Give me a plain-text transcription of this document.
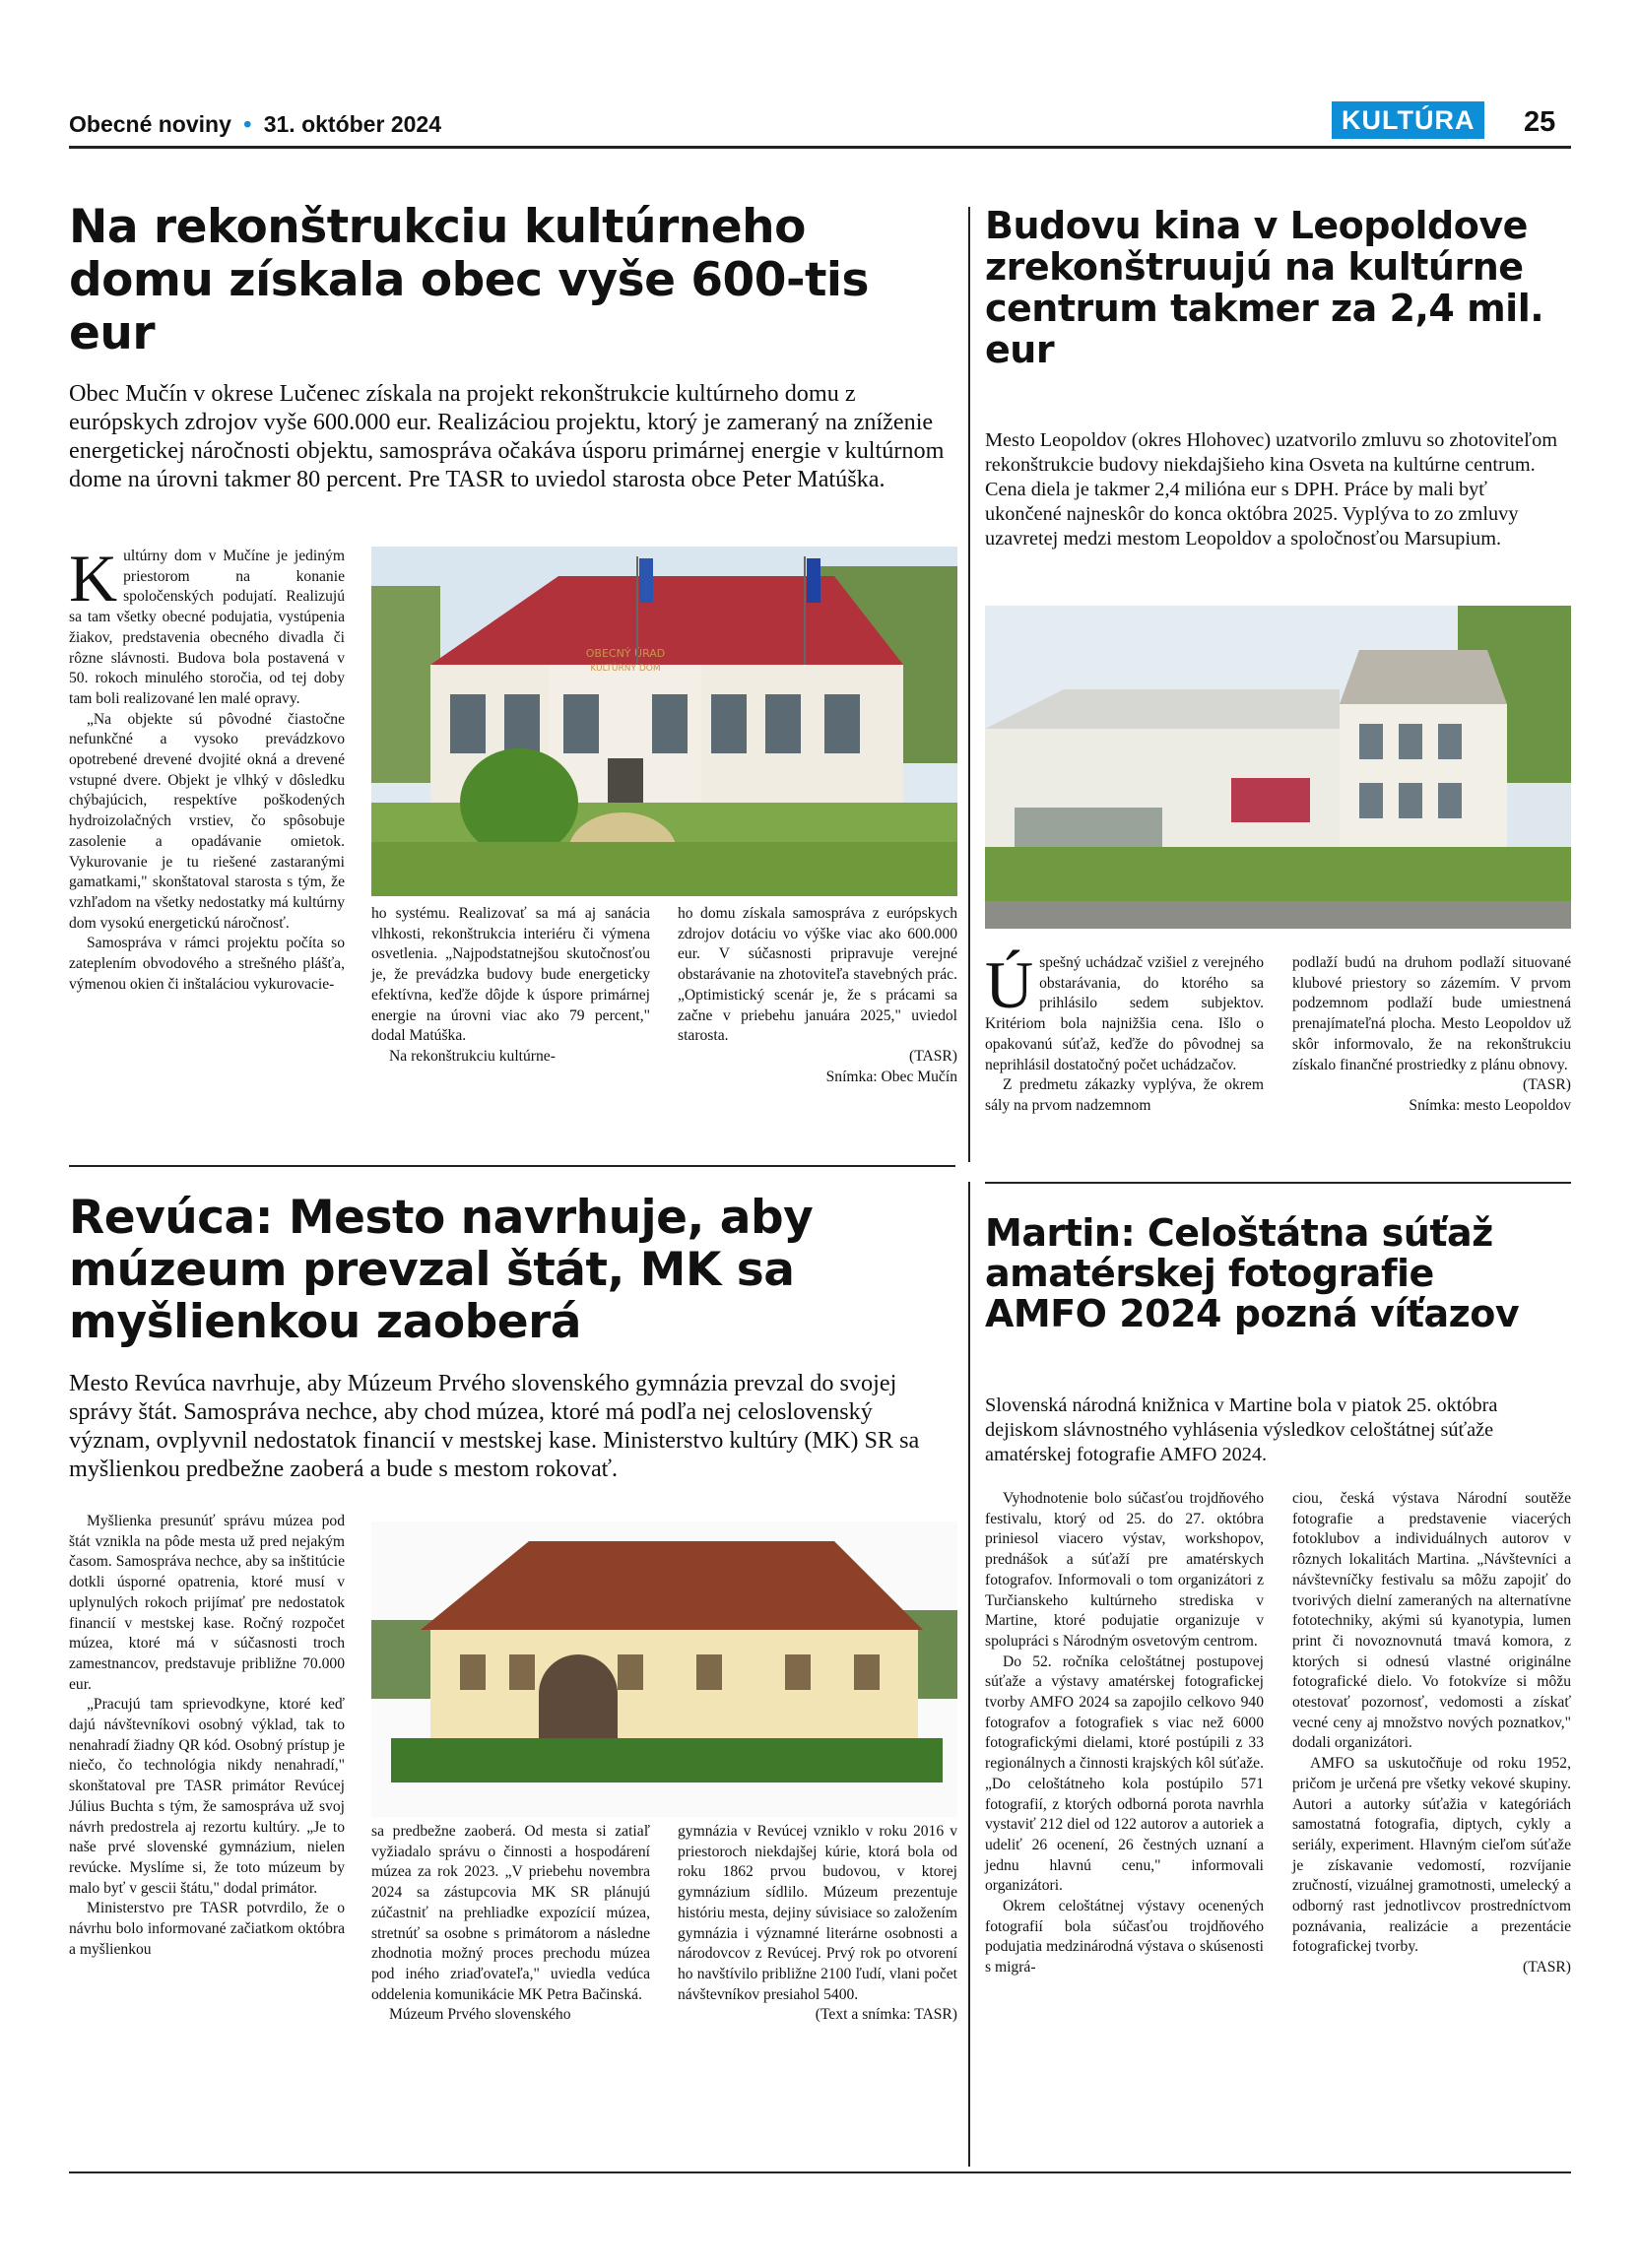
Obecné noviny • 31. október 2024	KULTÚRA	25
Na rekonštrukciu kultúrneho domu získala obec vyše 600-tis eur

Obec Mučín v okrese Lučenec získala na projekt rekonštrukcie kultúrneho domu z európskych zdrojov vyše 600.000 eur. Realizáciou projektu, ktorý je zameraný na zníženie energetickej náročnosti objektu, samospráva očakáva úsporu primárnej energie v kultúrnom dome na úrovni takmer 80 percent. Pre TASR to uviedol starosta obce Peter Matúška.

Kultúrny dom v Mučíne je jediným priestorom na konanie spoločenských podujatí. Realizujú sa tam všetky obecné podujatia, vystúpenia žiakov, predstavenia obecného divadla či rôzne slávnosti. Budova bola postavená v 50. rokoch minulého storočia, od tej doby tam boli realizované len malé opravy.

„Na objekte sú pôvodné čiastočne nefunkčné a vysoko prevádzkovo opotrebené drevené dvojité okná a drevené vstupné dvere. Objekt je vlhký v dôsledku chýbajúcich, respektíve poškodených hydroizolačných vrstiev, čo spôsobuje zasolenie a opadávanie omietok. Vykurovanie je tu riešené zastaranými gamatkami," skonštatoval starosta s tým, že vzhľadom na všetky nedostatky má kultúrny dom vysokú energetickú náročnosť.

Samospráva v rámci projektu počíta so zateplením obvodového a strešného plášťa, výmenou okien či inštaláciou vykurovacie-

OBECNÝ ÚRAD
KULTÚRNY DOM

ho systému. Realizovať sa má aj sanácia vlhkosti, rekonštrukcia interiéru či výmena osvetlenia. „Najpodstatnejšou skutočnosťou je, že prevádzka budovy bude energeticky efektívna, keďže dôjde k úspore primárnej energie na úrovni viac ako 79 percent," dodal Matúška.

Na rekonštrukciu kultúrne-

ho domu získala samospráva z európskych zdrojov dotáciu vo výške viac ako 600.000 eur. V súčasnosti pripravuje verejné obstarávanie na zhotoviteľa stavebných prác. „Optimistický scenár je, že s prácami sa začne v priebehu januára 2025," uviedol starosta.

(TASR)

Snímka: Obec Mučín

Budovu kina v Leopoldove zrekonštruujú na kultúrne centrum takmer za 2,4 mil. eur

Mesto Leopoldov (okres Hlohovec) uzatvorilo zmluvu so zhotoviteľom rekonštrukcie budovy niekdajšieho kina Osveta na kultúrne centrum. Cena diela je takmer 2,4 milióna eur s DPH. Práce by mali byť ukončené najneskôr do konca októbra 2025. Vyplýva to zo zmluvy uzavretej medzi mestom Leopoldov a spoločnosťou Marsupium.

Úspešný uchádzač vzišiel z verejného obstarávania, do ktorého sa prihlásilo sedem subjektov. Kritériom bola najnižšia cena. Išlo o opakovanú súťaž, keďže do pôvodnej sa neprihlásil dostatočný počet uchádzačov.

Z predmetu zákazky vyplýva, že okrem sály na prvom nadzemnom

podlaží budú na druhom podlaží situované klubové priestory so zázemím. V prvom podzemnom podlaží bude umiestnená prenajímateľná plocha. Mesto Leopoldov už skôr informovalo, že na rekonštrukciu získalo finančné prostriedky z plánu obnovy.

(TASR)

Snímka: mesto Leopoldov

Revúca: Mesto navrhuje, aby múzeum prevzal štát, MK sa myšlienkou zaoberá

Mesto Revúca navrhuje, aby Múzeum Prvého slovenského gymnázia prevzal do svojej správy štát. Samospráva nechce, aby chod múzea, ktoré má podľa nej celoslovenský význam, ovplyvnil nedostatok financií v mestskej kase. Ministerstvo kultúry (MK) SR sa myšlienkou predbežne zaoberá a bude s mestom rokovať.

Myšlienka presunúť správu múzea pod štát vznikla na pôde mesta už pred nejakým časom. Samospráva nechce, aby sa inštitúcie dotkli úsporné opatrenia, ktoré musí v uplynulých rokoch prijímať pre nedostatok financií v mestskej kase. Ročný rozpočet múzea, ktoré má v súčasnosti troch zamestnancov, predstavuje približne 70.000 eur.

„Pracujú tam sprievodkyne, ktoré keď dajú návštevníkovi osobný výklad, tak to nenahradí žiadny QR kód. Osobný prístup je niečo, čo technológia nikdy nenahradí," skonštatoval pre TASR primátor Revúcej Július Buchta s tým, že samospráva už svoj návrh predostrela aj rezortu kultúry. „Je to naše prvé slovenské gymnázium, nielen revúcke. Myslíme si, že toto múzeum by malo byť v gescii štátu," dodal primátor.

Ministerstvo pre TASR potvrdilo, že o návrhu bolo informované začiatkom októbra a myšlienkou

sa predbežne zaoberá. Od mesta si zatiaľ vyžiadalo správu o činnosti a hospodárení múzea za rok 2023. „V priebehu novembra 2024 sa zástupcovia MK SR plánujú zúčastniť na prehliadke expozícií múzea, stretnúť sa osobne s primátorom a následne zhodnotia možný proces prechodu múzea pod iného zriaďovateľa," uviedla vedúca oddelenia komunikácie MK Petra Bačinská.

Múzeum Prvého slovenského

gymnázia v Revúcej vzniklo v roku 2016 v priestoroch niekdajšej kúrie, ktorá bola od roku 1862 prvou budovou, v ktorej gymnázium sídlilo. Múzeum prezentuje históriu mesta, dejiny súvisiace so založením gymnázia i významné literárne osobnosti a národovcov z Revúcej. Prvý rok po otvorení ho navštívilo približne 2100 ľudí, vlani počet návštevníkov presiahol 5400.

(Text a snímka: TASR)

Martin: Celoštátna súťaž amatérskej fotografie AMFO 2024 pozná víťazov

Slovenská národná knižnica v Martine bola v piatok 25. októbra dejiskom slávnostného vyhlásenia výsledkov celoštátnej súťaže amatérskej fotografie AMFO 2024.

Vyhodnotenie bolo súčasťou trojdňového festivalu, ktorý od 25. do 27. októbra priniesol viacero výstav, workshopov, prednášok a súťaží pre amatérskych fotografov. Informovali o tom organizátori z Turčianskeho kultúrneho strediska v Martine, ktoré podujatie organizuje v spolupráci s Národným osvetovým centrom.

Do 52. ročníka celoštátnej postupovej súťaže a výstavy amatérskej fotografickej tvorby AMFO 2024 sa zapojilo celkovo 940 fotografov a fotografiek s viac než 6000 fotografickými dielami, ktoré postúpili z 33 regionálnych a činnosti krajských kôl súťaže. „Do celoštátneho kola postúpilo 571 fotografií, z ktorých odborná porota navrhla vystaviť 212 diel od 122 autorov a autoriek a udeliť 26 ocenení, 26 čestných uznaní a jednu hlavnú cenu," informovali organizátori.

Okrem celoštátnej výstavy ocenených fotografií bola súčasťou trojdňového podujatia medzinárodná výstava o skúsenosti s migrá-

ciou, česká výstava Národní soutěže fotografie a predstavenie viacerých fotoklubov a individuálnych autorov v rôznych lokalitách Martina. „Návštevníci a návštevníčky festivalu sa môžu zapojiť do tvorivých dielní zameraných na alternatívne fototechniky, akými sú kyanotypia, lumen print či novoznovnutá tmavá komora, z ktorých si odnesú vlastné originálne fotografické dielo. Vo fotokvíze si môžu otestovať pozornosť, vedomosti a získať vecné ceny aj množstvo nových poznatkov," dodali organizátori.

AMFO sa uskutočňuje od roku 1952, pričom je určená pre všetky vekové skupiny. Autori a autorky súťažia v kategóriách samostatná fotografia, diptych, cykly a seriály, experiment. Hlavným cieľom súťaže je získavanie vedomostí, rozvíjanie zručností, vizuálnej gramotnosti, umelecký a odborný rast jednotlivcov prostredníctvom poznávania, realizácie a prezentácie fotografickej tvorby.

(TASR)
